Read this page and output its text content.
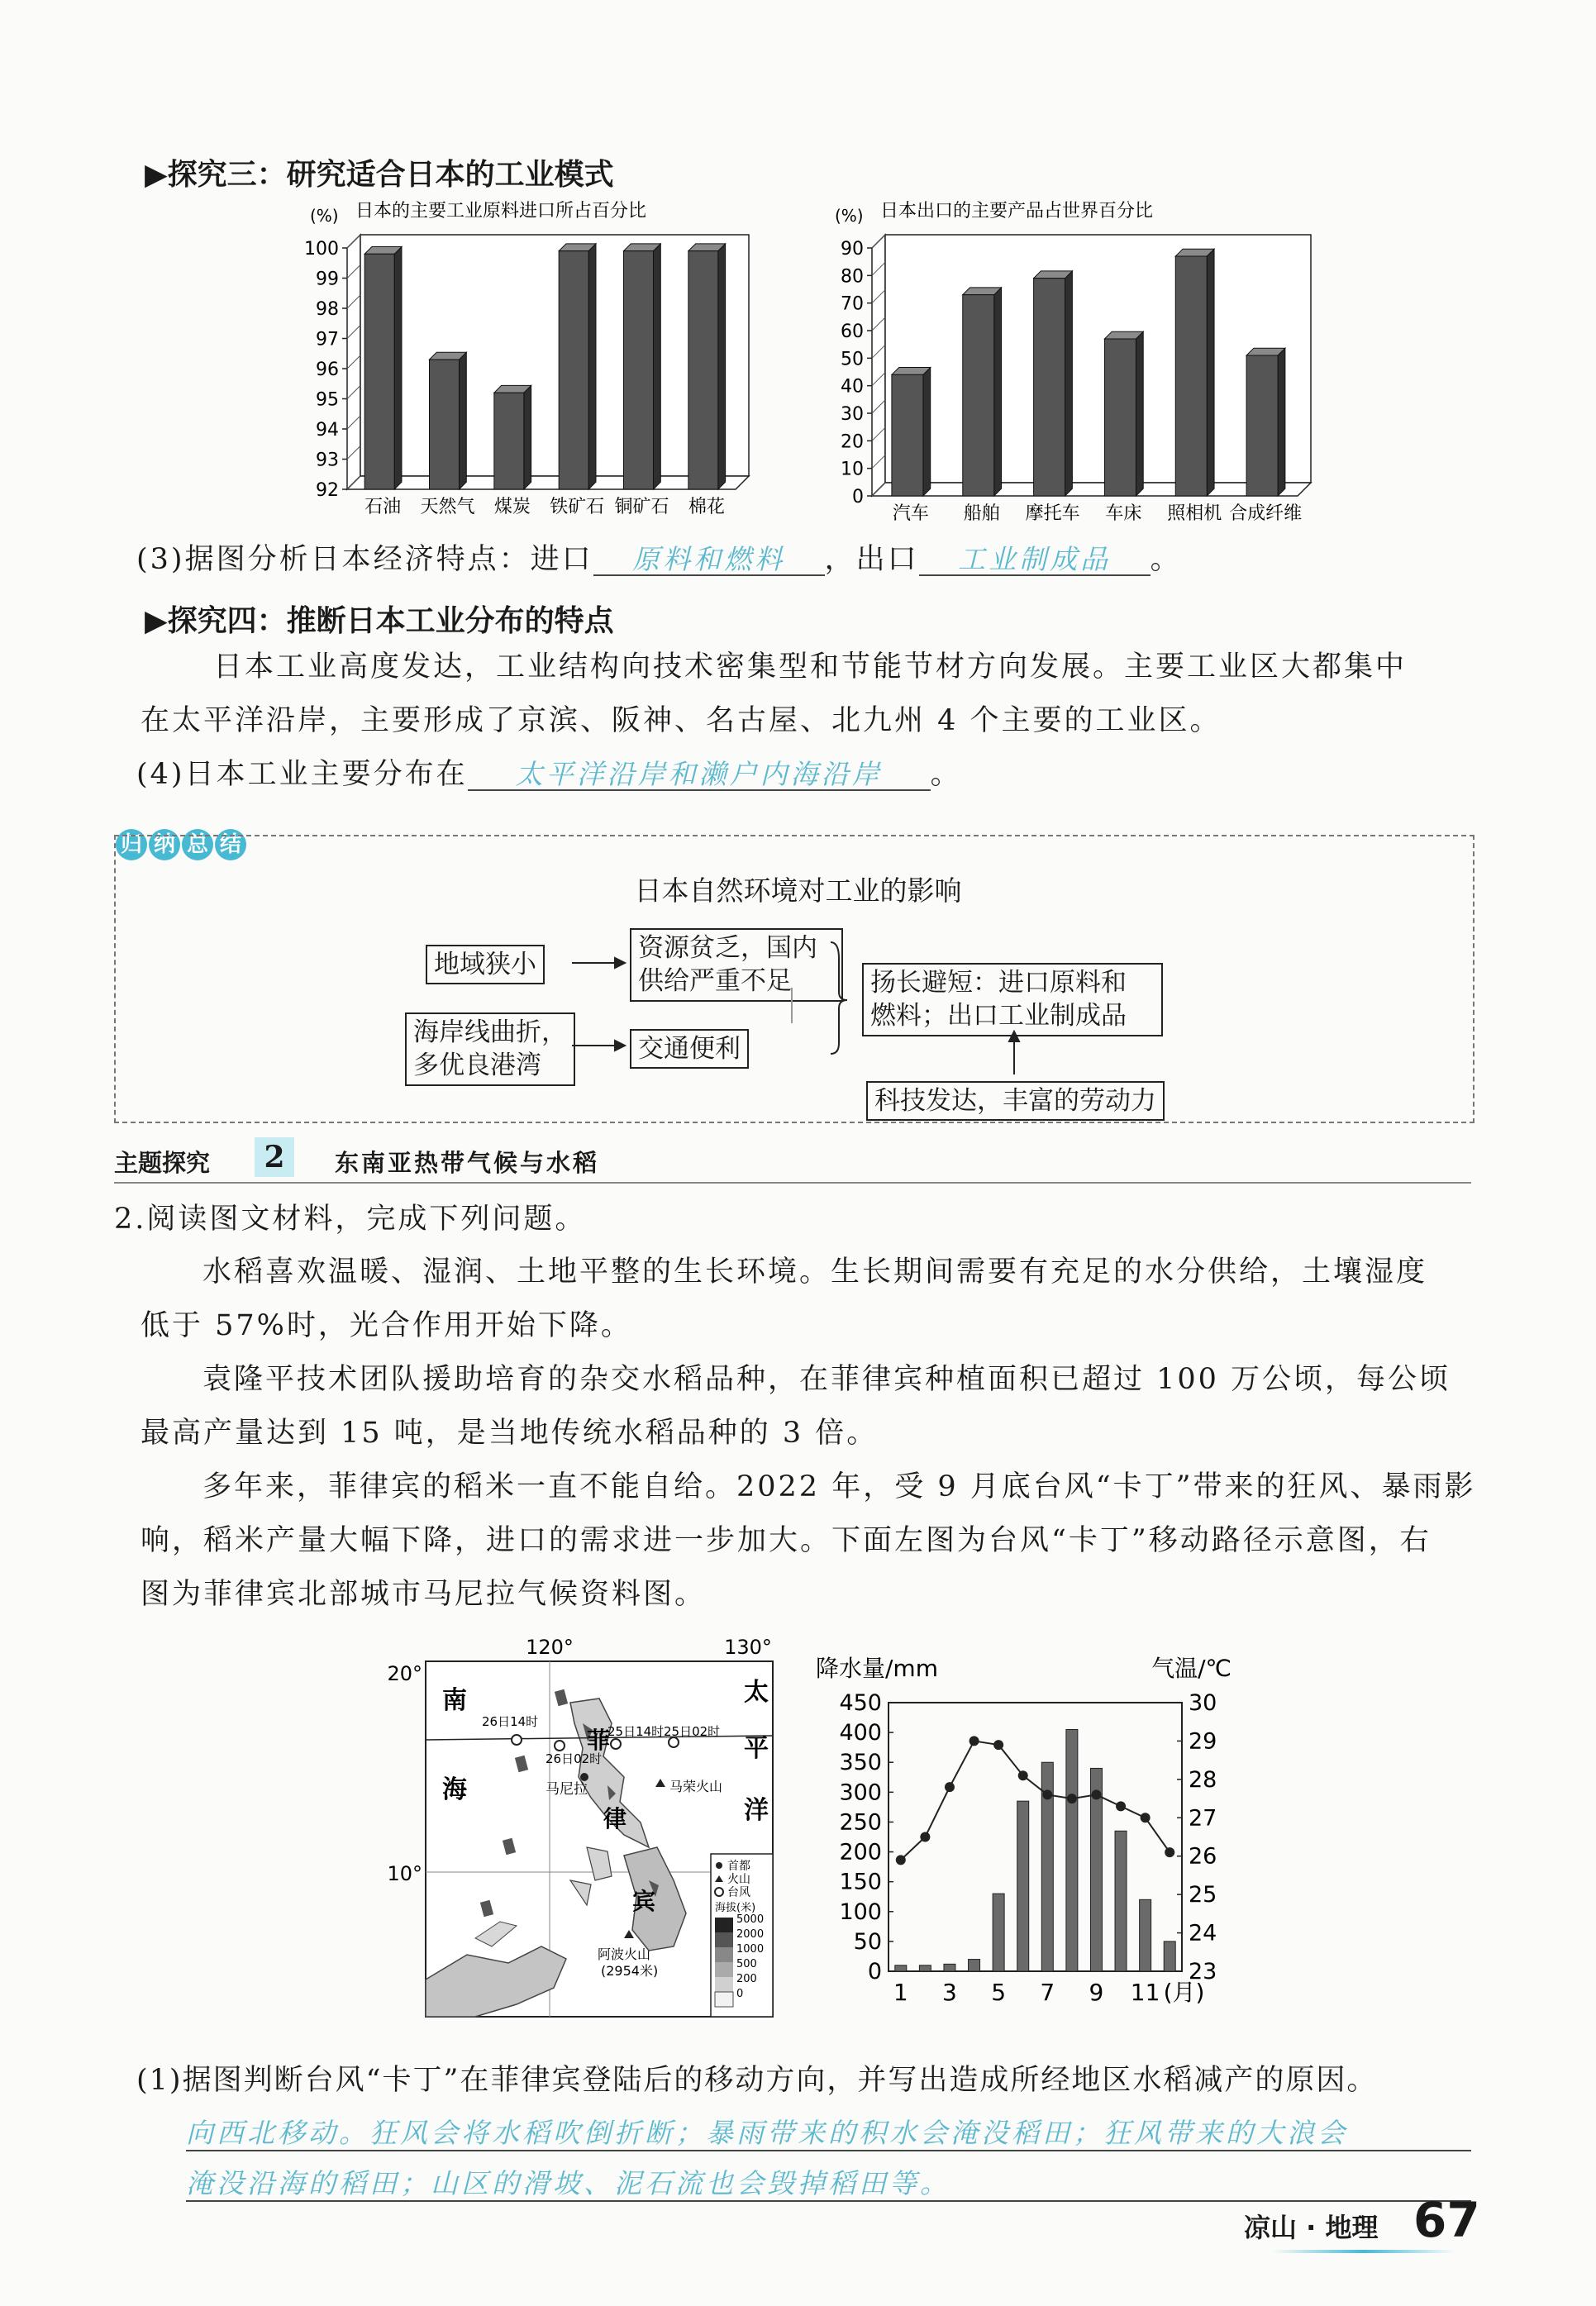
▶探究三：研究适合日本的工业模式
日本的主要工业原料进口所占百分比
(%)
92
93
94
95
96
97
98
99
100
石油 天然气 煤炭 铁矿石 铜矿石 棉花
日本出口的主要产品占世界百分比
(%)
0
10
20
30
40
50
60
70
80
90
汽车 船舶 摩托车 车床 照相机 合成纤维
(3)据图分析日本经济特点：进口 原料和燃料 ，出口 工业制成品 。
▶探究四：推断日本工业分布的特点
日本工业高度发达，工业结构向技术密集型和节能节材方向发展。主要工业区大都集中
在太平洋沿岸，主要形成了京滨、阪神、名古屋、北九州 4 个主要的工业区。
(4)日本工业主要分布在 太平洋沿岸和濑户内海沿岸 。
归 纳 总 结
日本自然环境对工业的影响
地域狭小
资源贫乏，国内
供给严重不足
海岸线曲折，
多优良港湾
交通便利
扬长避短：进口原料和
燃料；出口工业制成品
科技发达，丰富的劳动力
主题探究	2	东南亚热带气候与水稻
2.阅读图文材料，完成下列问题。
水稻喜欢温暖、湿润、土地平整的生长环境。生长期间需要有充足的水分供给，土壤湿度
低于 57%时，光合作用开始下降。
袁隆平技术团队援助培育的杂交水稻品种，在菲律宾种植面积已超过 100 万公顷，每公顷
最高产量达到 15 吨，是当地传统水稻品种的 3 倍。
多年来，菲律宾的稻米一直不能自给。2022 年，受 9 月底台风“卡丁”带来的狂风、暴雨影
响，稻米产量大幅下降，进口的需求进一步加大。下面左图为台风“卡丁”移动路径示意图，右
图为菲律宾北部城市马尼拉气候资料图。
120°	130°
20°
10°
26日14时
26日02时
25日14时 25日02时
马尼拉	马荣火山
阿波火山
(2954米)
南
海
太
平
洋
菲
律
宾
首都
火山
台风
海拔(米)
5000
2000
1000
500
200
0
降水量/mm	气温/℃
0
50
100
150
200
250
300
350
400
450
23
24
25
26
27
28
29
30
1 3 5 7 9 11 (月)
(1)据图判断台风“卡丁”在菲律宾登陆后的移动方向，并写出造成所经地区水稻减产的原因。
向西北移动。狂风会将水稻吹倒折断；暴雨带来的积水会淹没稻田；狂风带来的大浪会
淹没沿海的稻田；山区的滑坡、泥石流也会毁掉稻田等。
凉山 · 地理 67
